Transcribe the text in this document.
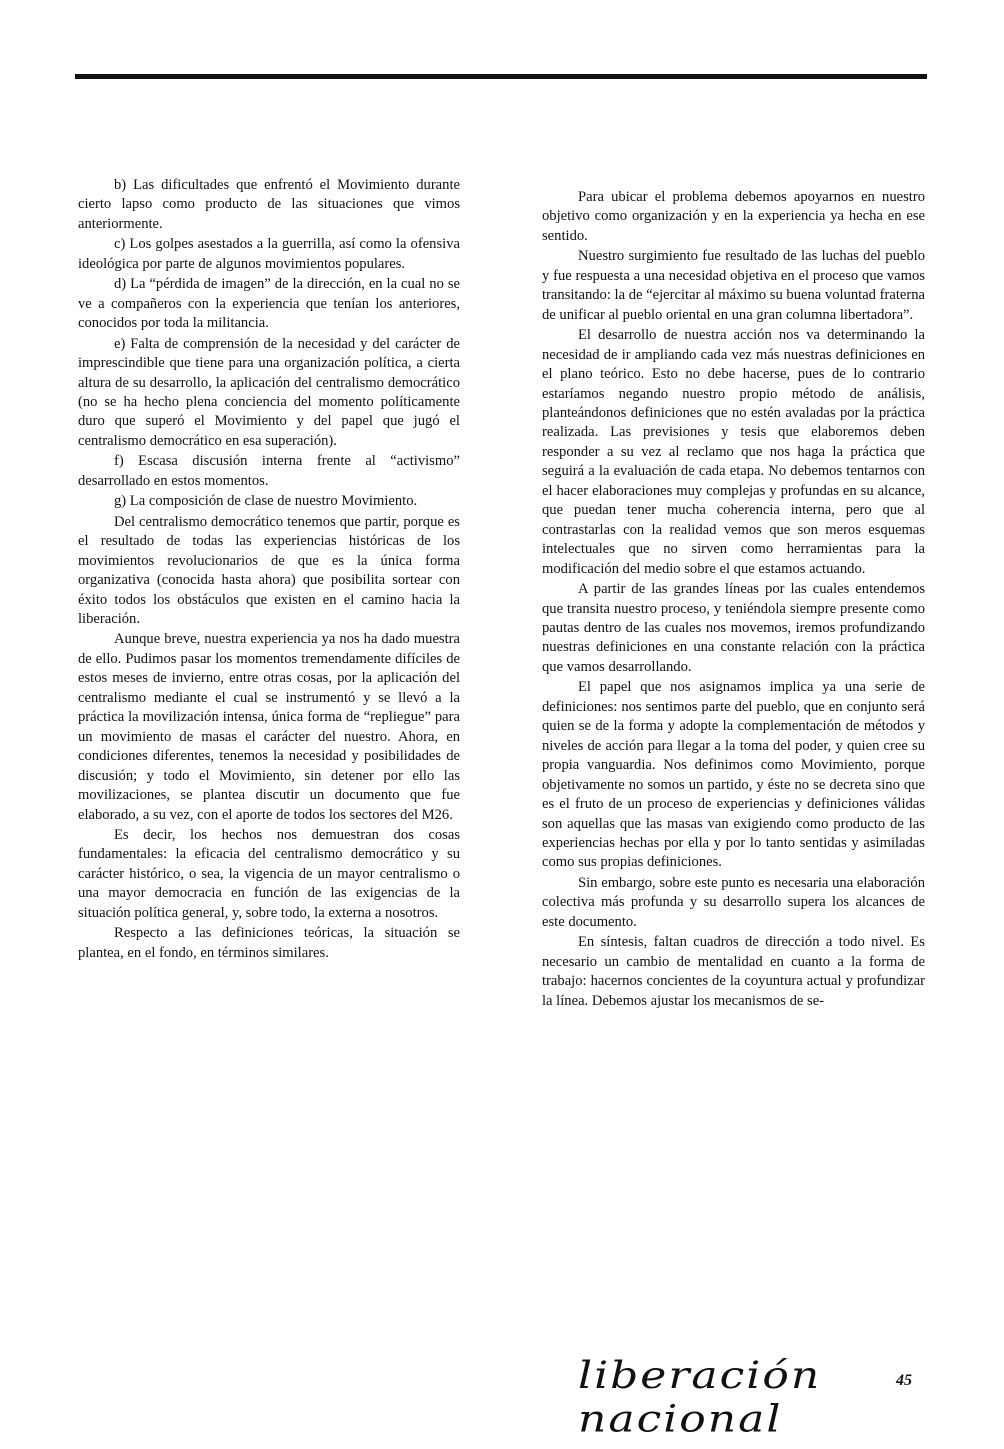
b) Las dificultades que enfrentó el Movimiento durante cierto lapso como producto de las situaciones que vimos anteriormente.

c) Los golpes asestados a la guerrilla, así como la ofensiva ideológica por parte de algunos movimientos populares.

d) La “pérdida de imagen” de la dirección, en la cual no se ve a compañeros con la experiencia que tenían los anteriores, conocidos por toda la militancia.

e) Falta de comprensión de la necesidad y del carácter de imprescindible que tiene para una organización política, a cierta altura de su desarrollo, la aplicación del centralismo democrático (no se ha hecho plena conciencia del momento políticamente duro que superó el Movimiento y del papel que jugó el centralismo democrático en esa superación).

f) Escasa discusión interna frente al “activismo” desarrollado en estos momentos.

g) La composición de clase de nuestro Movimiento.

Del centralismo democrático tenemos que partir, porque es el resultado de todas las experiencias históricas de los movimientos revolucionarios de que es la única forma organizativa (conocida hasta ahora) que posibilita sortear con éxito todos los obstáculos que existen en el camino hacia la liberación.

Aunque breve, nuestra experiencia ya nos ha dado muestra de ello. Pudimos pasar los momentos tremendamente difíciles de estos meses de invierno, entre otras cosas, por la aplicación del centralismo mediante el cual se instrumentó y se llevó a la práctica la movilización intensa, única forma de “repliegue” para un movimiento de masas el carácter del nuestro. Ahora, en condiciones diferentes, tenemos la necesidad y posibilidades de discusión; y todo el Movimiento, sin detener por ello las movilizaciones, se plantea discutir un documento que fue elaborado, a su vez, con el aporte de todos los sectores del M26.

Es decir, los hechos nos demuestran dos cosas fundamentales: la eficacia del centralismo democrático y su carácter histórico, o sea, la vigencia de un mayor centralismo o una mayor democracia en función de las exigencias de la situación política general, y, sobre todo, la externa a nosotros.

Respecto a las definiciones teóricas, la situación se plantea, en el fondo, en términos similares.

Para ubicar el problema debemos apoyarnos en nuestro objetivo como organización y en la experiencia ya hecha en ese sentido.

Nuestro surgimiento fue resultado de las luchas del pueblo y fue respuesta a una necesidad objetiva en el proceso que vamos transitando: la de “ejercitar al máximo su buena voluntad fraterna de unificar al pueblo oriental en una gran columna libertadora”.

El desarrollo de nuestra acción nos va determinando la necesidad de ir ampliando cada vez más nuestras definiciones en el plano teórico. Esto no debe hacerse, pues de lo contrario estaríamos negando nuestro propio método de análisis, planteándonos definiciones que no estén avaladas por la práctica realizada. Las previsiones y tesis que elaboremos deben responder a su vez al reclamo que nos haga la práctica que seguirá a la evaluación de cada etapa. No debemos tentarnos con el hacer elaboraciones muy complejas y profundas en su alcance, que puedan tener mucha coherencia interna, pero que al contrastarlas con la realidad vemos que son meros esquemas intelectuales que no sirven como herramientas para la modificación del medio sobre el que estamos actuando.

A partir de las grandes líneas por las cuales entendemos que transita nuestro proceso, y teniéndola siempre presente como pautas dentro de las cuales nos movemos, iremos profundizando nuestras definiciones en una constante relación con la práctica que vamos desarrollando.

El papel que nos asignamos implica ya una serie de definiciones: nos sentimos parte del pueblo, que en conjunto será quien se de la forma y adopte la complementación de métodos y niveles de acción para llegar a la toma del poder, y quien cree su propia vanguardia. Nos definimos como Movimiento, porque objetivamente no somos un partido, y éste no se decreta sino que es el fruto de un proceso de experiencias y definiciones válidas son aquellas que las masas van exigiendo como producto de las experiencias hechas por ella y por lo tanto sentidas y asimiladas como sus propias definiciones.

Sin embargo, sobre este punto es necesaria una elaboración colectiva más profunda y su desarrollo supera los alcances de este documento.

En síntesis, faltan cuadros de dirección a todo nivel. Es necesario un cambio de mentalidad en cuanto a la forma de trabajo: hacernos concientes de la coyuntura actual y profundizar la línea. Debemos ajustar los mecanismos de se-

liberación nacional
45
